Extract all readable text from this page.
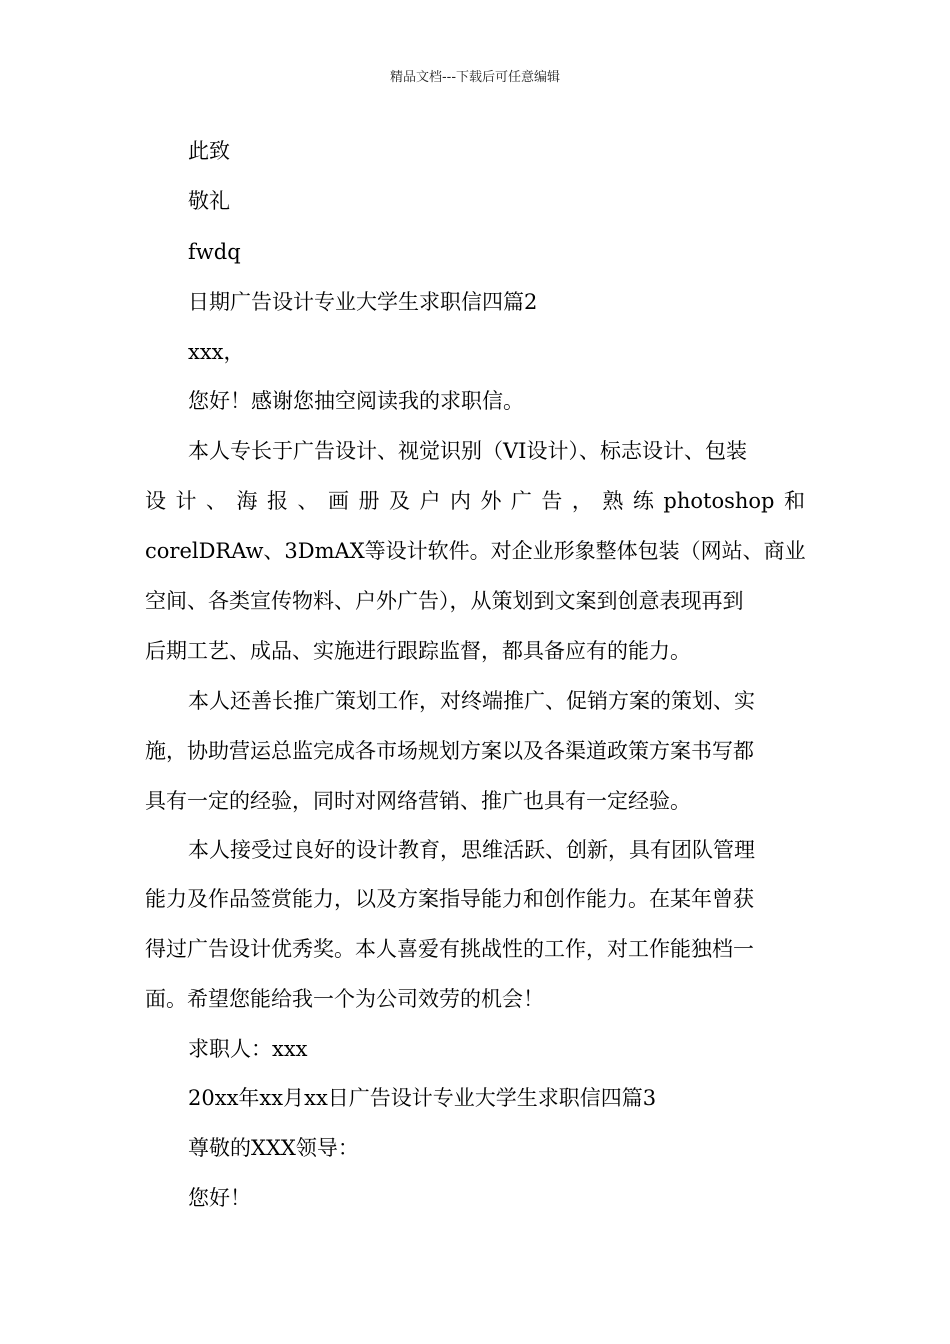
精品文档---下载后可任意编辑
此致
敬礼
fwdq
日期广告设计专业大学生求职信四篇2
xxx，
您好！感谢您抽空阅读我的求职信。
本人专长于广告设计、视觉识别（VI设计）、标志设计、包装
设计、海报、画册及户内外广告，熟练photoshop和
corelDRAw、3DmAX等设计软件。对企业形象整体包装（网站、商业
空间、各类宣传物料、户外广告），从策划到文案到创意表现再到
后期工艺、成品、实施进行跟踪监督，都具备应有的能力。
本人还善长推广策划工作，对终端推广、促销方案的策划、实
施，协助营运总监完成各市场规划方案以及各渠道政策方案书写都
具有一定的经验，同时对网络营销、推广也具有一定经验。
本人接受过良好的设计教育，思维活跃、创新，具有团队管理
能力及作品签赏能力，以及方案指导能力和创作能力。在某年曾获
得过广告设计优秀奖。本人喜爱有挑战性的工作，对工作能独档一
面。希望您能给我一个为公司效劳的机会！
求职人：xxx
20xx年xx月xx日广告设计专业大学生求职信四篇3
尊敬的XXX领导：
您好！
